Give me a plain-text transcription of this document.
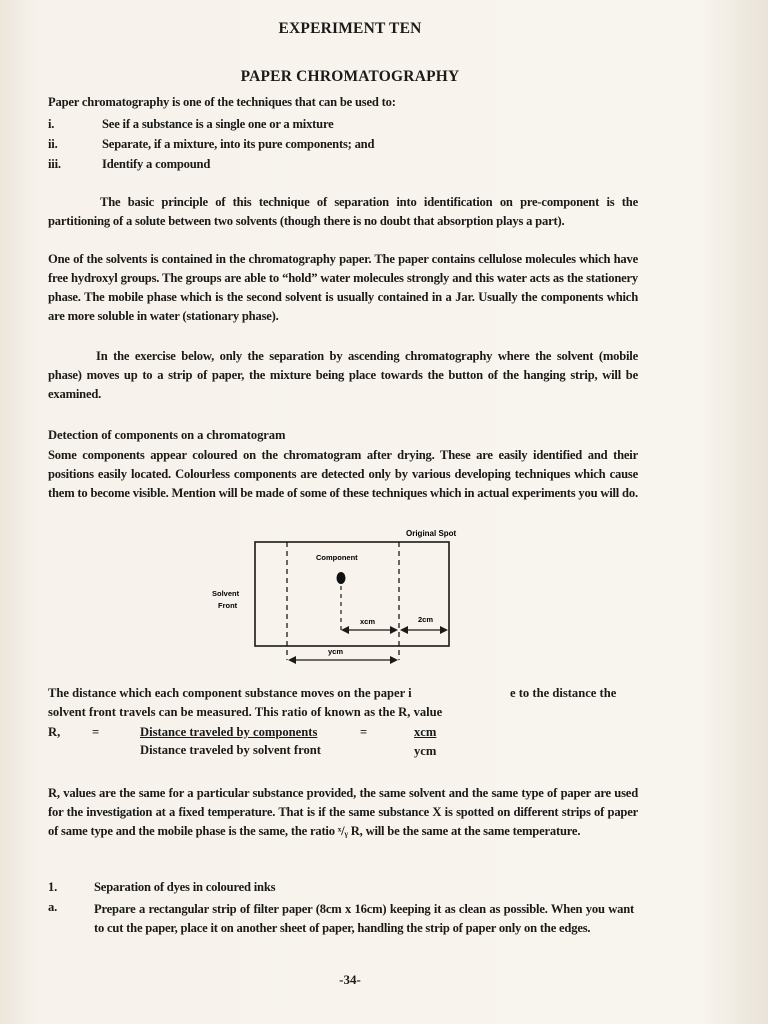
EXPERIMENT TEN
PAPER CHROMATOGRAPHY
Paper chromatography is one of the techniques that can be used to:
i.	See if a substance is a single one or a mixture
ii.	Separate, if a mixture, into its pure components; and
iii.	Identify a compound
The basic principle of this technique of separation into identification on pre-component is the partitioning of a solute between two solvents (though there is no doubt that absorption plays a part).
One of the solvents is contained in the chromatography paper. The paper contains cellulose molecules which have free hydroxyl groups. The groups are able to “hold” water molecules strongly and this water acts as the stationery phase. The mobile phase which is the second solvent is usually contained in a Jar. Usually the components which are more soluble in water (stationary phase).
In the exercise below, only the separation by ascending chromatography where the solvent (mobile phase) moves up to a strip of paper, the mixture being place towards the button of the hanging strip, will be examined.
Detection of components on a chromatogram
Some components appear coloured on the chromatogram after drying. These are easily identified and their positions easily located. Colourless components are detected only by various developing techniques which cause them to become visible. Mention will be made of some of these techniques which in actual experiments you will do.
Original Spot
Component
Solvent
Front
xcm	2cm
ycm
The distance which each component substance moves on the paper i	e to the distance the
solvent front travels can be measured. This ratio of known as the R, value
R,	=	Distance traveled by components
Distance traveled by solvent front
=	xcm
ycm
R, values are the same for a particular substance provided, the same solvent and the same type of paper are used for the investigation at a fixed temperature. That is if the same substance X is spotted on different strips of paper of same type and the mobile phase is the same, the ratio ˣ/ᵧ R, will be the same at the same temperature.
1.	Separation of dyes in coloured inks
a.	Prepare a rectangular strip of filter paper (8cm x 16cm) keeping it as clean as possible. When you want to cut the paper, place it on another sheet of paper, handling the strip of paper only on the edges.
-34-
